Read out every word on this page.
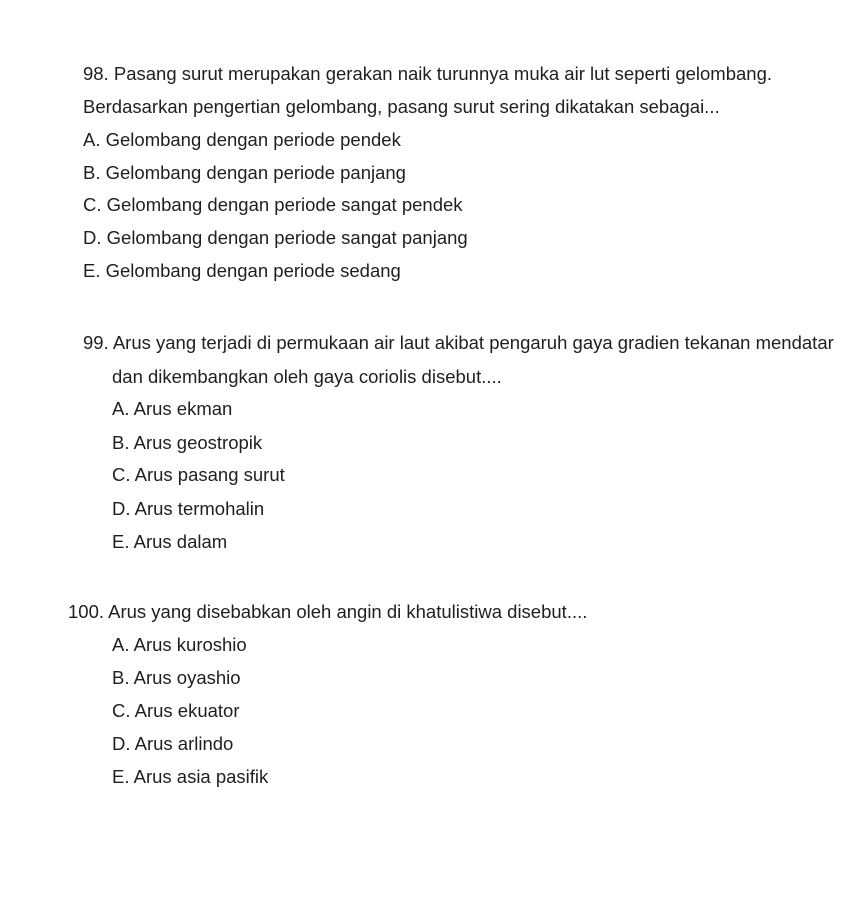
98. Pasang surut merupakan gerakan naik turunnya muka air lut seperti gelombang.

Berdasarkan pengertian gelombang, pasang surut sering dikatakan sebagai...

A. Gelombang dengan periode pendek

B. Gelombang dengan periode panjang

C. Gelombang dengan periode sangat pendek

D. Gelombang dengan periode sangat panjang

E. Gelombang dengan periode sedang

99. Arus yang terjadi di permukaan air laut akibat pengaruh gaya gradien tekanan mendatar

dan dikembangkan oleh gaya coriolis disebut....

A. Arus ekman

B. Arus geostropik

C. Arus pasang surut

D. Arus termohalin

E. Arus dalam

100. Arus yang disebabkan oleh angin di khatulistiwa disebut....

A. Arus kuroshio

B. Arus oyashio

C. Arus ekuator

D. Arus arlindo

E. Arus asia pasifik
